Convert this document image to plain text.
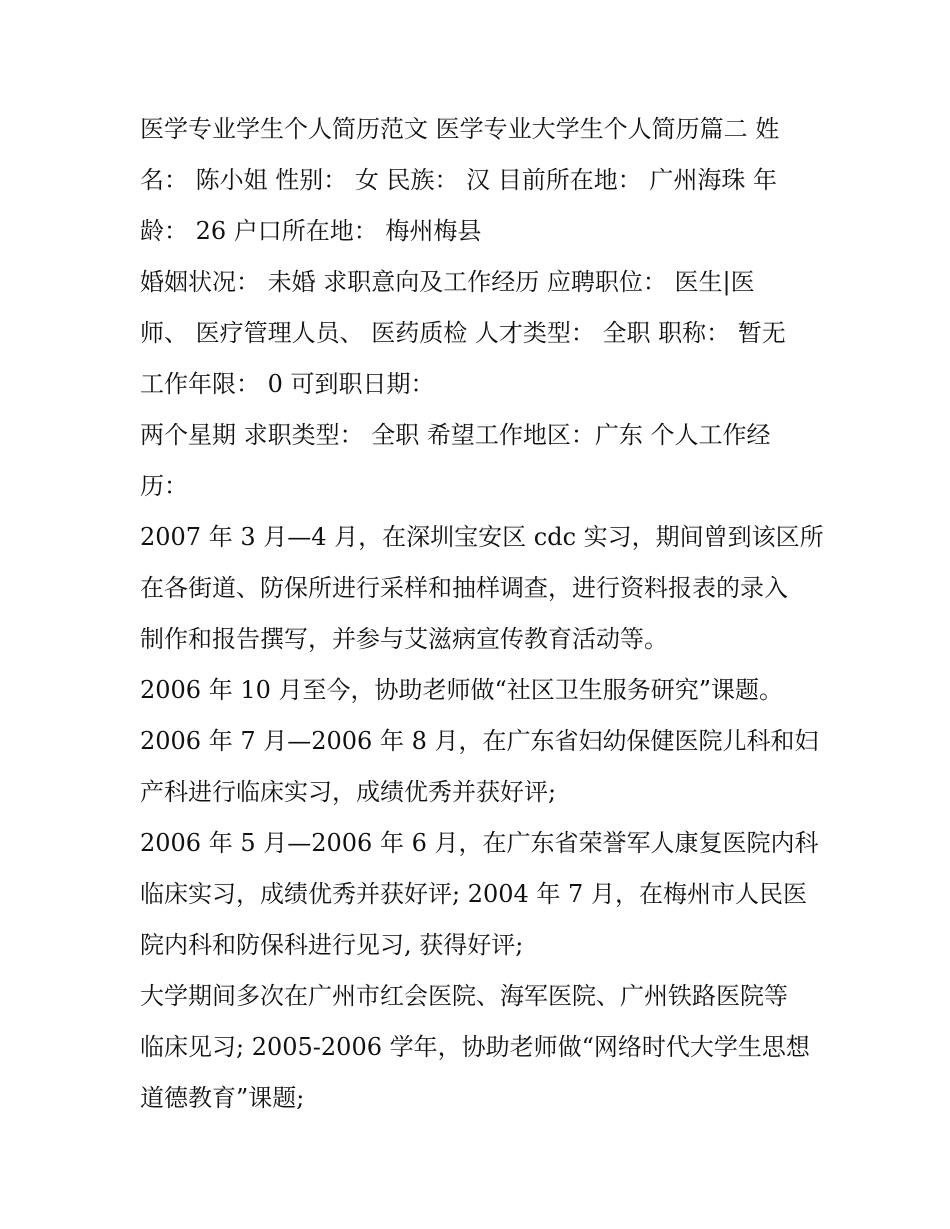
医学专业学生个人简历范文 医学专业大学生个人简历篇二 姓
名： 陈小姐 性别： 女 民族： 汉 目前所在地： 广州海珠 年
龄： 26 户口所在地： 梅州梅县
婚姻状况： 未婚 求职意向及工作经历 应聘职位： 医生|医
师、 医疗管理人员、 医药质检 人才类型： 全职 职称： 暂无
工作年限： 0 可到职日期：
两个星期 求职类型： 全职 希望工作地区：广东 个人工作经
历：
2007 年 3 月—4 月，在深圳宝安区 cdc 实习，期间曾到该区所
在各街道、防保所进行采样和抽样调查，进行资料报表的录入
制作和报告撰写，并参与艾滋病宣传教育活动等。
2006 年 10 月至今，协助老师做“社区卫生服务研究”课题。
2006 年 7 月—2006 年 8 月，在广东省妇幼保健医院儿科和妇
产科进行临床实习，成绩优秀并获好评;
2006 年 5 月—2006 年 6 月，在广东省荣誉军人康复医院内科
临床实习，成绩优秀并获好评; 2004 年 7 月，在梅州市人民医
院内科和防保科进行见习, 获得好评;
大学期间多次在广州市红会医院、海军医院、广州铁路医院等
临床见习; 2005-2006 学年，协助老师做“网络时代大学生思想
道德教育”课题;
